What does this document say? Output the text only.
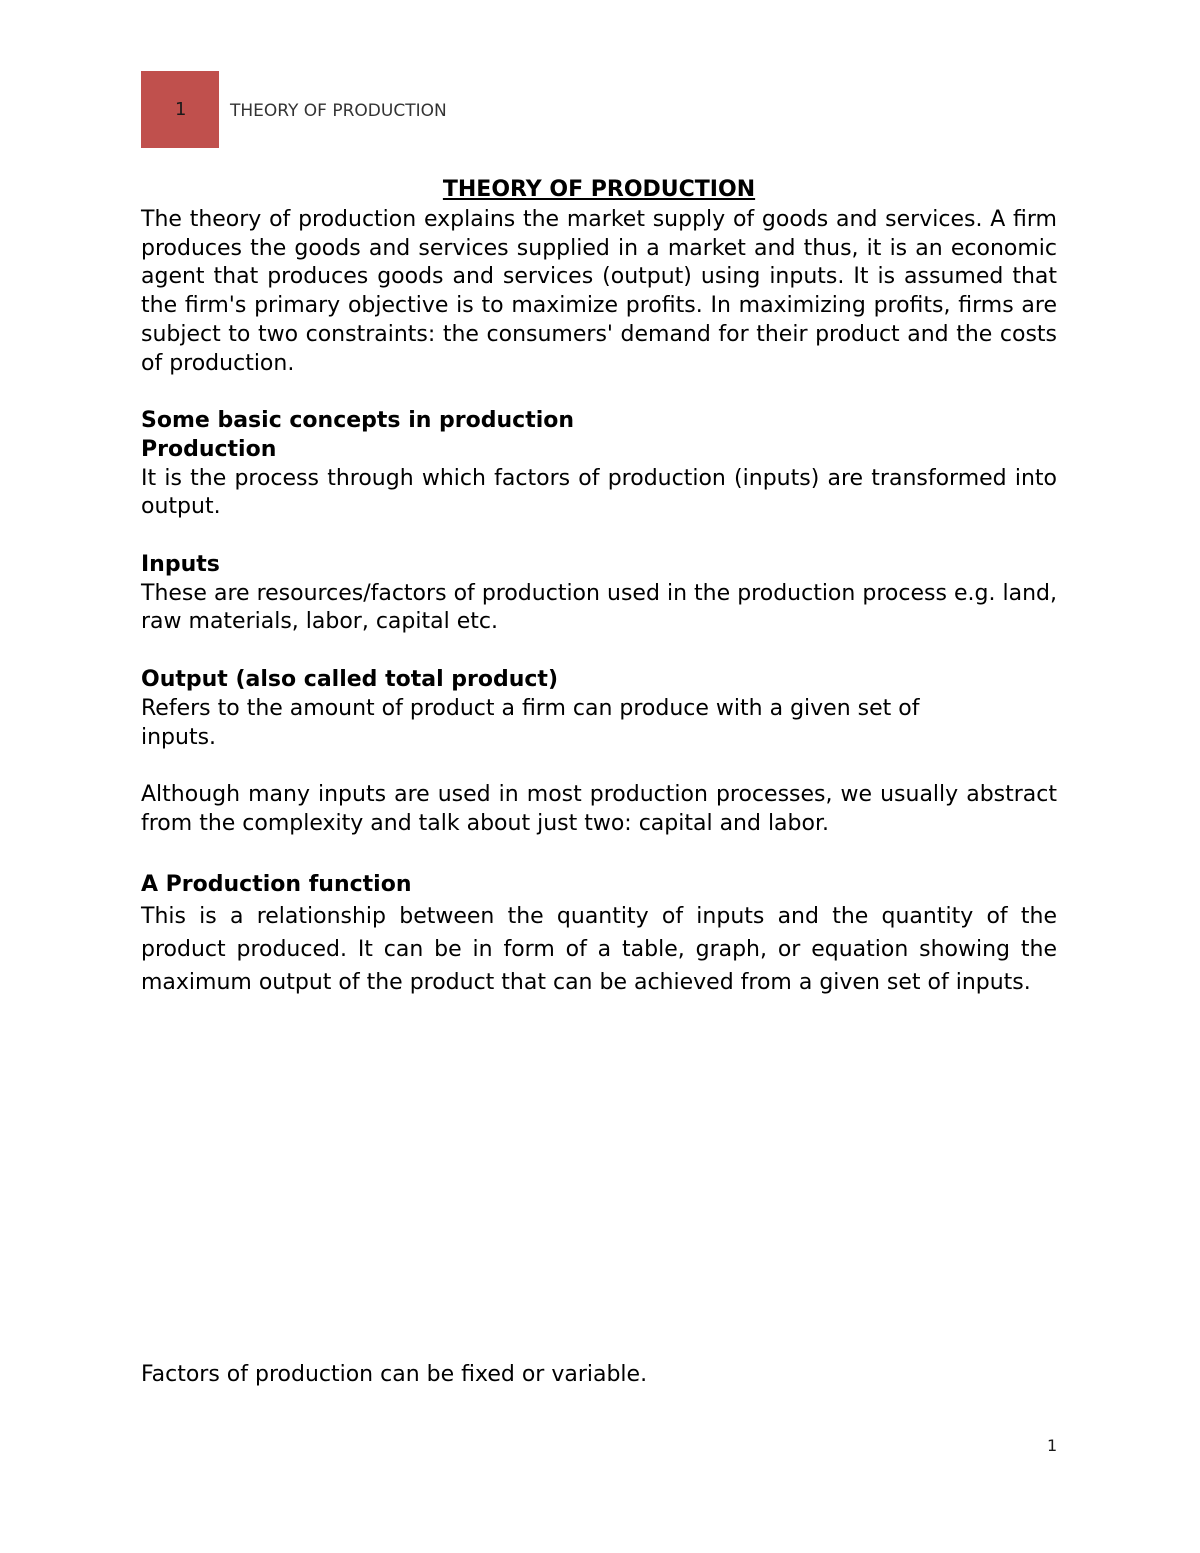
1	THEORY OF PRODUCTION
THEORY OF PRODUCTION

The theory of production explains the market supply of goods and services. A firm produces the goods and services supplied in a market and thus, it is an economic agent that produces goods and services (output) using inputs. It is assumed that the firm's primary objective is to maximize profits. In maximizing profits, firms are subject to two constraints: the consumers' demand for their product and the costs of production.

Some basic concepts in production
Production

It is the process through which factors of production (inputs) are transformed into output.

Inputs

These are resources/factors of production used in the production process e.g. land, raw materials, labor, capital etc.

Output (also called total product)

Refers to the amount of product a firm can produce with a given set of inputs.

Although many inputs are used in most production processes, we usually abstract from the complexity and talk about just two: capital and labor.

A Production function

This is a relationship between the quantity of inputs and the quantity of the product produced. It can be in form of a table, graph, or equation showing the maximum output of the product that can be achieved from a given set of inputs.

Factors of production can be fixed or variable.
1
